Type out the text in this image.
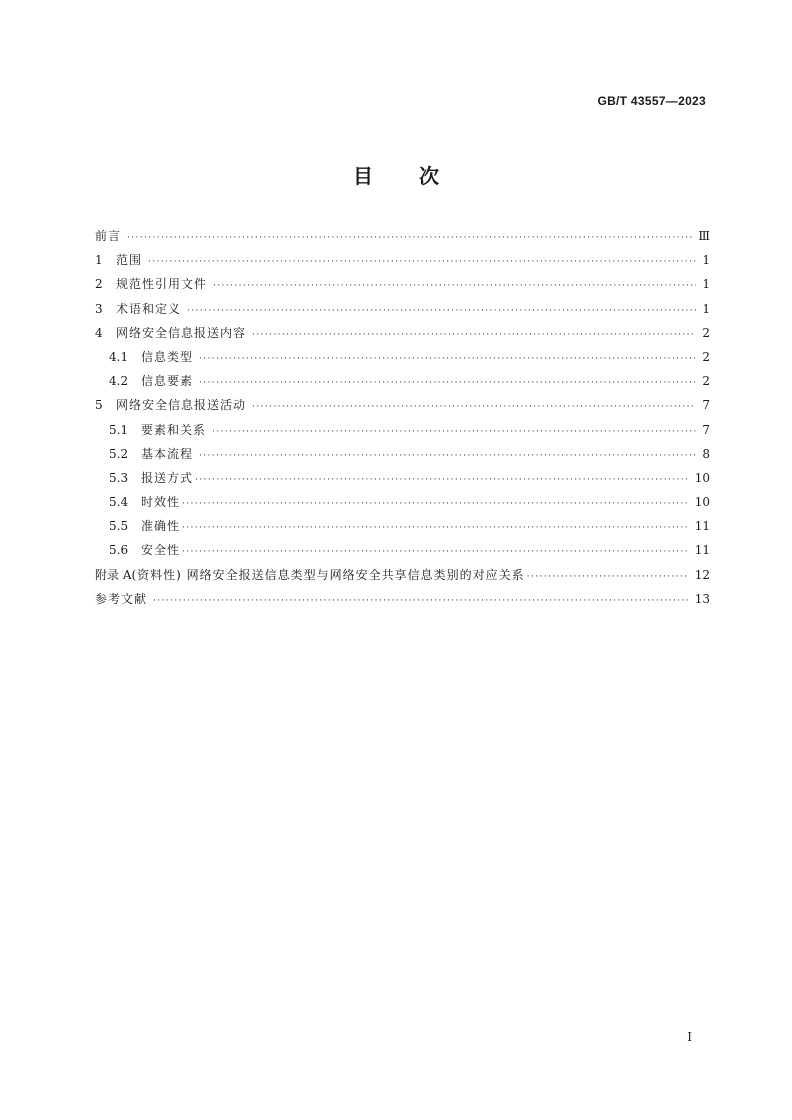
GB/T 43557—2023
目次
前言 ·····	Ⅲ
1	范围 ·····	1
2	规范性引用文件 ·····	1
3	术语和定义 ·····	1
4	网络安全信息报送内容 ·····	2
4.1	信息类型 ·····	2
4.2	信息要素 ·····	2
5	网络安全信息报送活动 ·····	7
5.1	要素和关系 ·····	7
5.2	基本流程 ·····	8
5.3	报送方式 ·····	10
5.4	时效性 ·····	10
5.5	准确性 ·····	11
5.6	安全性 ·····	11
附录 A (资料性) 网络安全报送信息类型与网络安全共享信息类别的对应关系 ·····	12
参考文献 ·····	13
Ⅰ
